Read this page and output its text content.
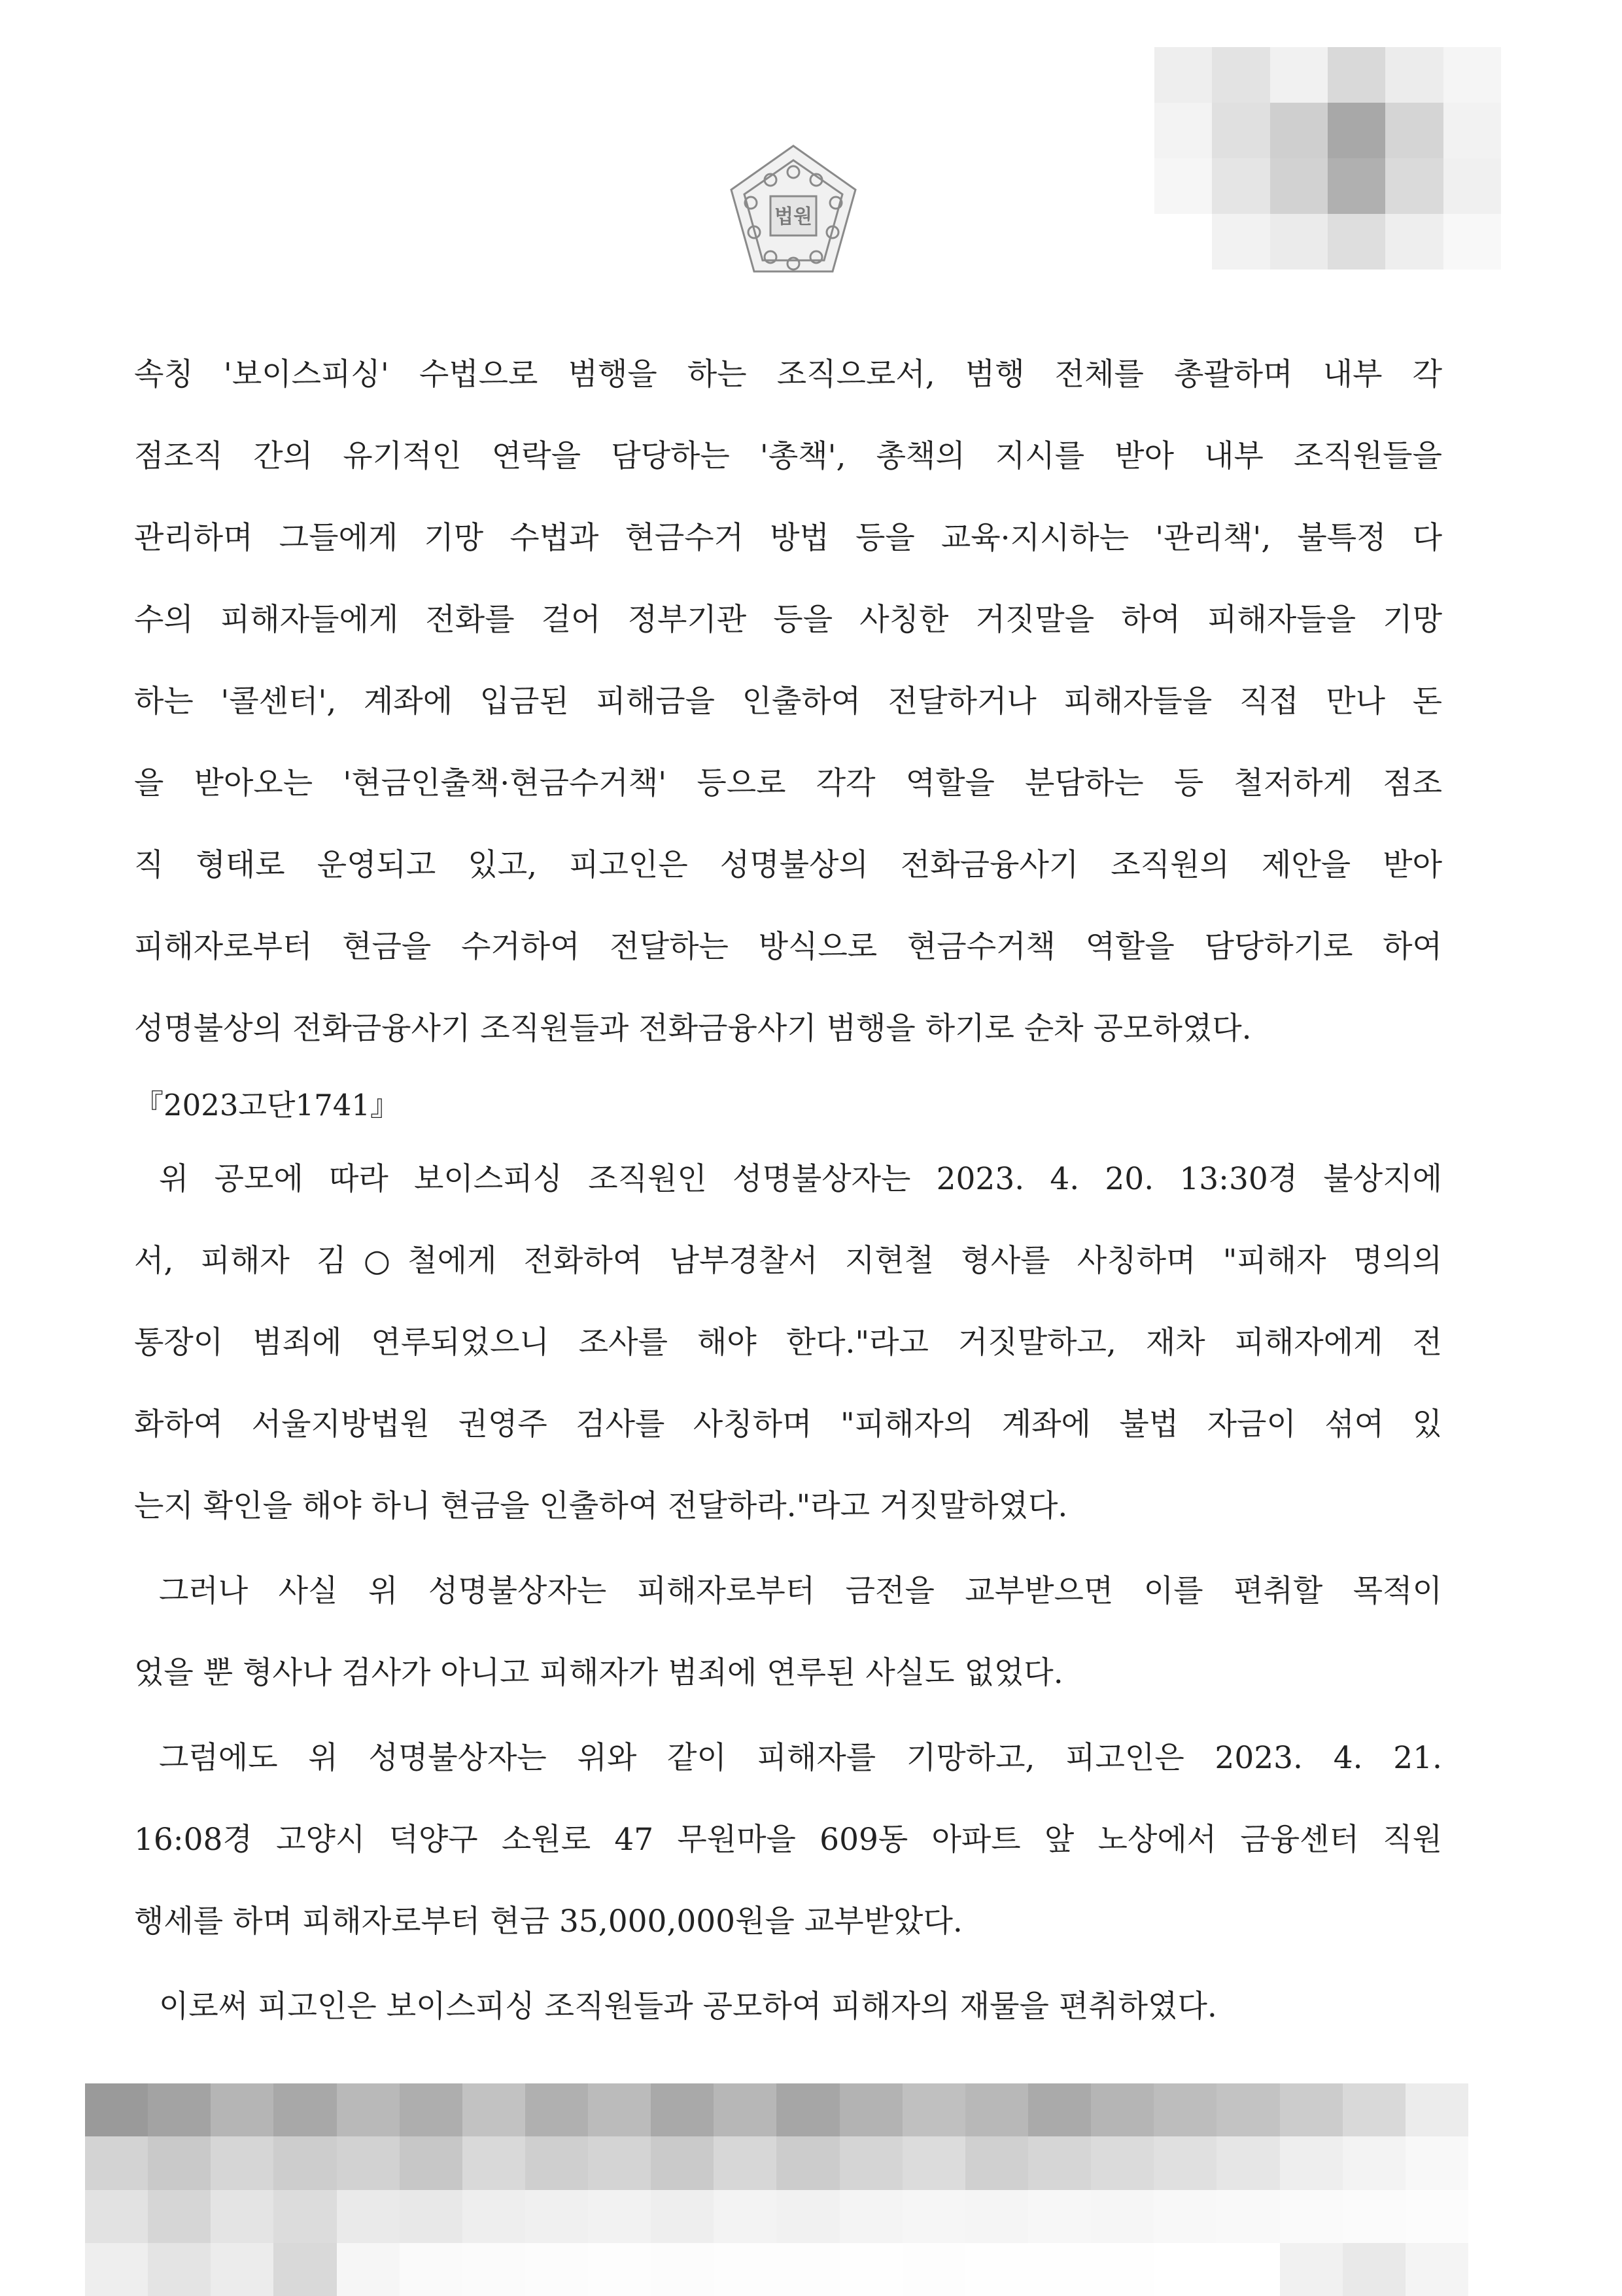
법원
속칭 '보이스피싱' 수법으로 범행을 하는 조직으로서, 범행 전체를 총괄하며 내부 각
점조직 간의 유기적인 연락을 담당하는 '총책', 총책의 지시를 받아 내부 조직원들을
관리하며 그들에게 기망 수법과 현금수거 방법 등을 교육·지시하는 '관리책', 불특정 다
수의 피해자들에게 전화를 걸어 정부기관 등을 사칭한 거짓말을 하여 피해자들을 기망
하는 '콜센터', 계좌에 입금된 피해금을 인출하여 전달하거나 피해자들을 직접 만나 돈
을 받아오는 '현금인출책·현금수거책' 등으로 각각 역할을 분담하는 등 철저하게 점조
직 형태로 운영되고 있고, 피고인은 성명불상의 전화금융사기 조직원의 제안을 받아
피해자로부터 현금을 수거하여 전달하는 방식으로 현금수거책 역할을 담당하기로 하여
성명불상의 전화금융사기 조직원들과 전화금융사기 범행을 하기로 순차 공모하였다.
『2023고단1741』
위 공모에 따라 보이스피싱 조직원인 성명불상자는 2023. 4. 20. 13:30경 불상지에
서, 피해자 김○철에게 전화하여 남부경찰서 지현철 형사를 사칭하며 "피해자 명의의
통장이 범죄에 연루되었으니 조사를 해야 한다."라고 거짓말하고, 재차 피해자에게 전
화하여 서울지방법원 권영주 검사를 사칭하며 "피해자의 계좌에 불법 자금이 섞여 있
는지 확인을 해야 하니 현금을 인출하여 전달하라."라고 거짓말하였다.
그러나 사실 위 성명불상자는 피해자로부터 금전을 교부받으면 이를 편취할 목적이
었을 뿐 형사나 검사가 아니고 피해자가 범죄에 연루된 사실도 없었다.
그럼에도 위 성명불상자는 위와 같이 피해자를 기망하고, 피고인은 2023. 4. 21.
16:08경 고양시 덕양구 소원로 47 무원마을 609동 아파트 앞 노상에서 금융센터 직원
행세를 하며 피해자로부터 현금 35,000,000원을 교부받았다.
이로써 피고인은 보이스피싱 조직원들과 공모하여 피해자의 재물을 편취하였다.
